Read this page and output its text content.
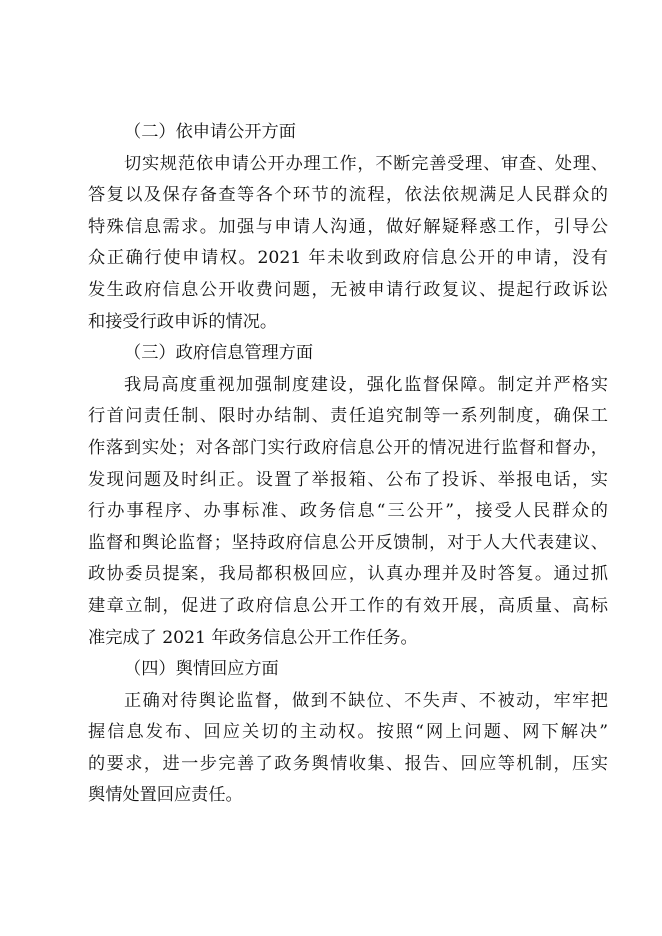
（二）依申请公开方面

切实规范依申请公开办理工作，不断完善受理、审查、处理、
答复以及保存备查等各个环节的流程，依法依规满足人民群众的
特殊信息需求。加强与申请人沟通，做好解疑释惑工作，引导公
众正确行使申请权。2021 年未收到政府信息公开的申请，没有
发生政府信息公开收费问题，无被申请行政复议、提起行政诉讼
和接受行政申诉的情况。

（三）政府信息管理方面

我局高度重视加强制度建设，强化监督保障。制定并严格实
行首问责任制、限时办结制、责任追究制等一系列制度，确保工
作落到实处；对各部门实行政府信息公开的情况进行监督和督办，
发现问题及时纠正。设置了举报箱、公布了投诉、举报电话，实
行办事程序、办事标准、政务信息“三公开”，接受人民群众的
监督和舆论监督；坚持政府信息公开反馈制，对于人大代表建议、
政协委员提案，我局都积极回应，认真办理并及时答复。通过抓
建章立制，促进了政府信息公开工作的有效开展，高质量、高标
准完成了 2021 年政务信息公开工作任务。

（四）舆情回应方面

正确对待舆论监督，做到不缺位、不失声、不被动，牢牢把
握信息发布、回应关切的主动权。按照“网上问题、网下解决”
的要求，进一步完善了政务舆情收集、报告、回应等机制，压实
舆情处置回应责任。
